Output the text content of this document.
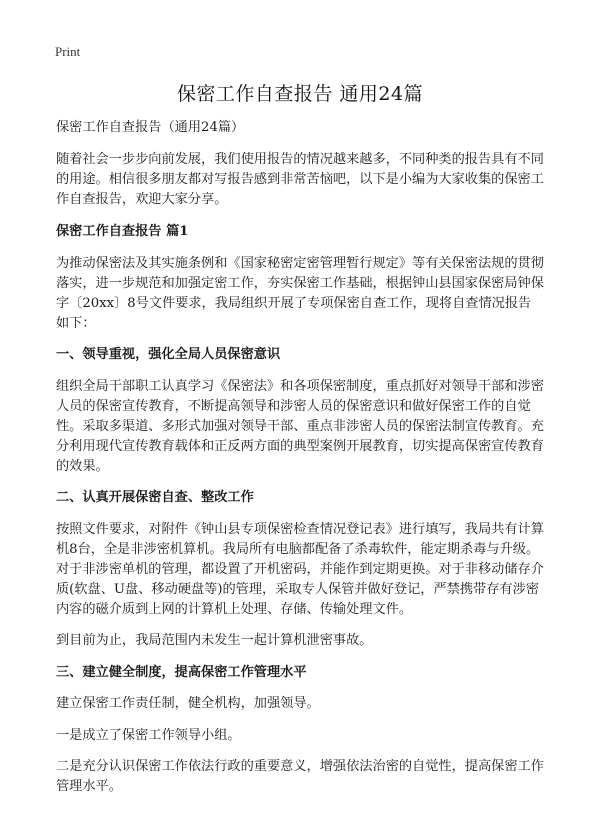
Print
保密工作自查报告 通用24篇

保密工作自查报告（通用24篇）

随着社会一步步向前发展，我们使用报告的情况越来越多，不同种类的报告具有不同的用途。相信很多朋友都对写报告感到非常苦恼吧，以下是小编为大家收集的保密工作自查报告，欢迎大家分享。

保密工作自查报告 篇1

为推动保密法及其实施条例和《国家秘密定密管理暂行规定》等有关保密法规的贯彻落实，进一步规范和加强定密工作，夯实保密工作基础，根据钟山县国家保密局钟保字〔20xx〕8号文件要求，我局组织开展了专项保密自查工作，现将自查情况报告如下：

一、领导重视，强化全局人员保密意识

组织全局干部职工认真学习《保密法》和各项保密制度，重点抓好对领导干部和涉密人员的保密宣传教育，不断提高领导和涉密人员的保密意识和做好保密工作的自觉性。采取多渠道、多形式加强对领导干部、重点非涉密人员的保密法制宣传教育。充分利用现代宣传教育载体和正反两方面的典型案例开展教育，切实提高保密宣传教育的效果。

二、认真开展保密自查、整改工作

按照文件要求，对附件《钟山县专项保密检查情况登记表》进行填写，我局共有计算机8台，全是非涉密机算机。我局所有电脑都配备了杀毒软件，能定期杀毒与升级。对于非涉密单机的管理，都设置了开机密码，并能作到定期更换。对于非移动储存介质(软盘、U盘、移动硬盘等)的管理，采取专人保管并做好登记，严禁携带存有涉密内容的磁介质到上网的计算机上处理、存储、传输处理文件。

到目前为止，我局范围内未发生一起计算机泄密事故。

三、建立健全制度，提高保密工作管理水平

建立保密工作责任制，健全机构，加强领导。

一是成立了保密工作领导小组。

二是充分认识保密工作依法行政的重要意义，增强依法治密的自觉性，提高保密工作管理水平。
